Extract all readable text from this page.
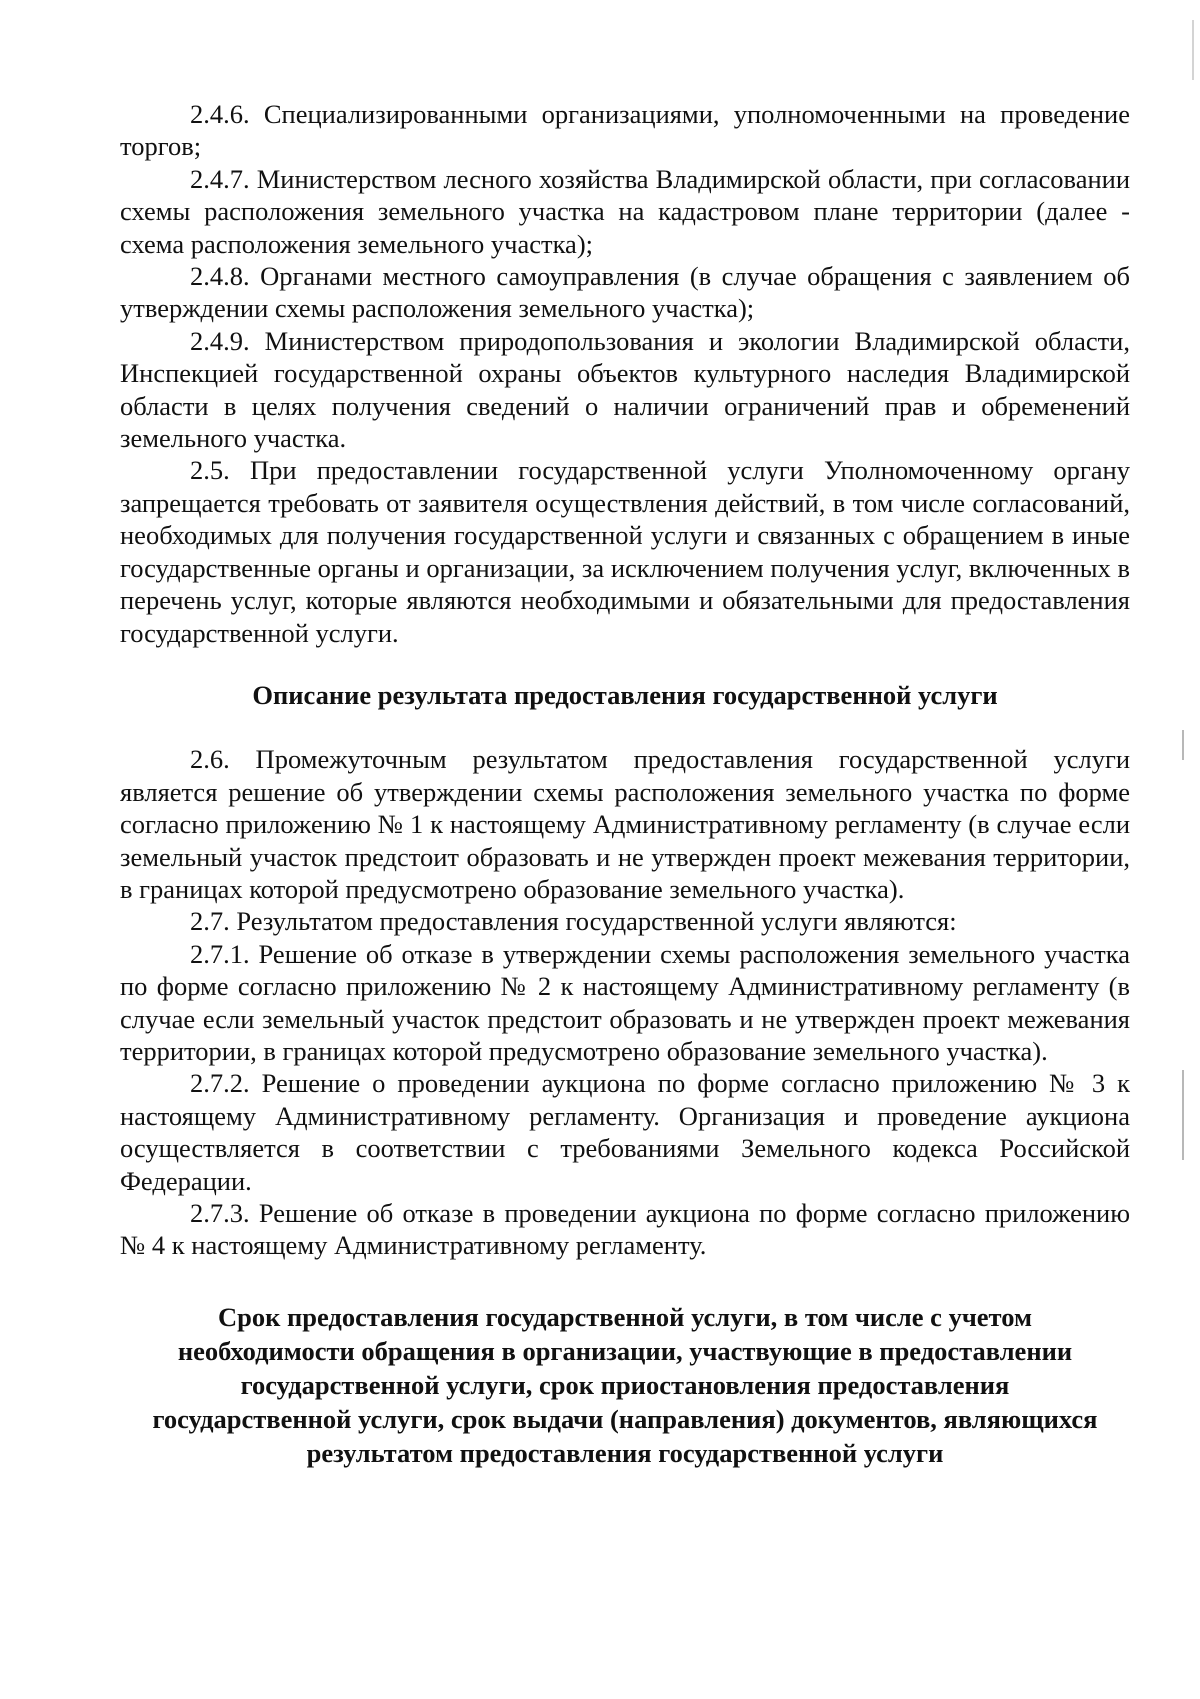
2.4.6. Специализированными организациями, уполномоченными на проведение торгов;

2.4.7. Министерством лесного хозяйства Владимирской области, при согласовании схемы расположения земельного участка на кадастровом плане территории (далее - схема расположения земельного участка);

2.4.8. Органами местного самоуправления (в случае обращения с заявлением об утверждении схемы расположения земельного участка);

2.4.9. Министерством природопользования и экологии Владимирской области, Инспекцией государственной охраны объектов культурного наследия Владимирской области в целях получения сведений о наличии ограничений прав и обременений земельного участка.

2.5. При предоставлении государственной услуги Уполномоченному органу запрещается требовать от заявителя осуществления действий, в том числе согласований, необходимых для получения государственной услуги и связанных с обращением в иные государственные органы и организации, за исключением получения услуг, включенных в перечень услуг, которые являются необходимыми и обязательными для предоставления государственной услуги.

Описание результата предоставления государственной услуги

2.6. Промежуточным результатом предоставления государственной услуги является решение об утверждении схемы расположения земельного участка по форме согласно приложению № 1 к настоящему Административному регламенту (в случае если земельный участок предстоит образовать и не утвержден проект межевания территории, в границах которой предусмотрено образование земельного участка).

2.7. Результатом предоставления государственной услуги являются:

2.7.1. Решение об отказе в утверждении схемы расположения земельного участка по форме согласно приложению № 2 к настоящему Административному регламенту (в случае если земельный участок предстоит образовать и не утвержден проект межевания территории, в границах которой предусмотрено образование земельного участка).

2.7.2. Решение о проведении аукциона по форме согласно приложению № 3 к настоящему Административному регламенту. Организация и проведение аукциона осуществляется в соответствии с требованиями Земельного кодекса Российской Федерации.

2.7.3. Решение об отказе в проведении аукциона по форме согласно приложению № 4 к настоящему Административному регламенту.

Срок предоставления государственной услуги, в том числе с учетом
необходимости обращения в организации, участвующие в предоставлении
государственной услуги, срок приостановления предоставления
государственной услуги, срок выдачи (направления) документов, являющихся
результатом предоставления государственной услуги
